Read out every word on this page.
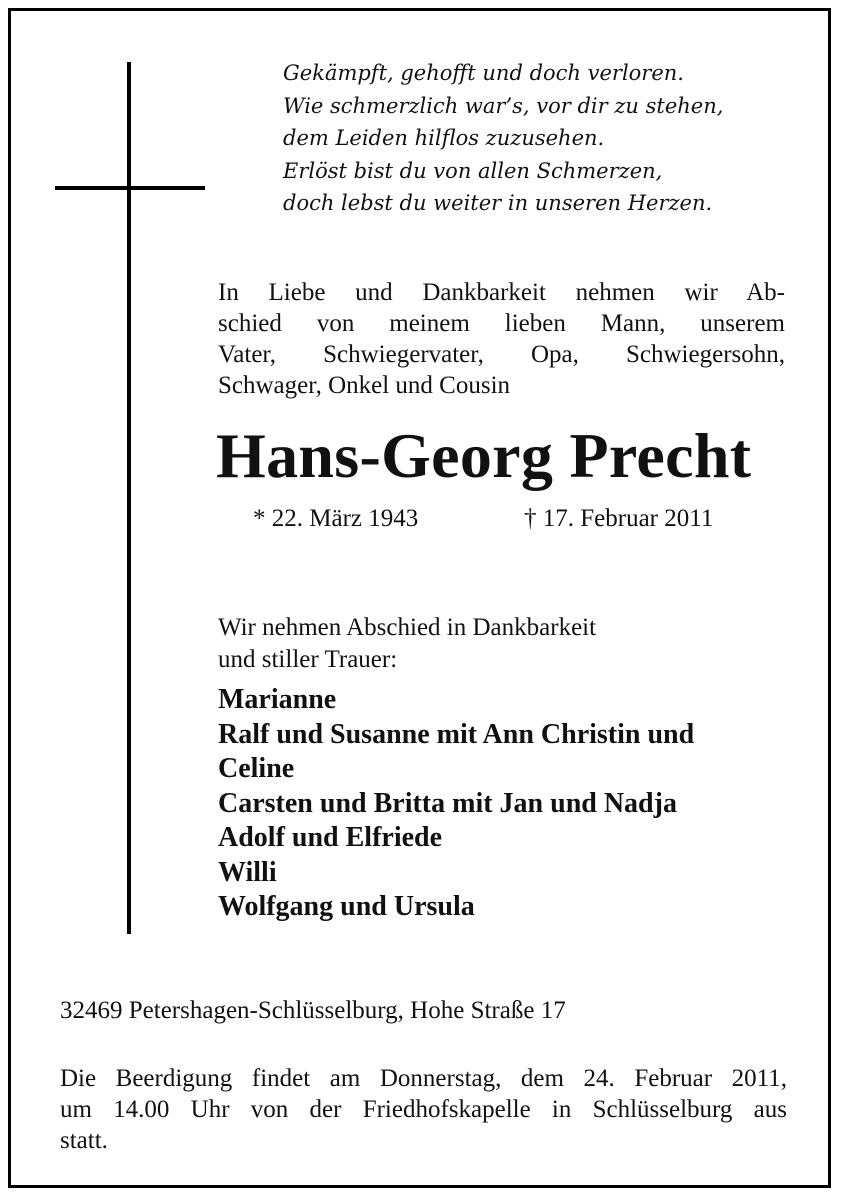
Gekämpft, gehofft und doch verloren.
Wie schmerzlich war’s, vor dir zu stehen,
dem Leiden hilflos zuzusehen.
Erlöst bist du von allen Schmerzen,
doch lebst du weiter in unseren Herzen.
In Liebe und Dankbarkeit nehmen wir Ab-
schied von meinem lieben Mann, unserem
Vater, Schwiegervater, Opa, Schwiegersohn,
Schwager, Onkel und Cousin
Hans-Georg Precht
* 22. März 1943	† 17. Februar 2011
Wir nehmen Abschied in Dankbarkeit
und stiller Trauer:
Marianne
Ralf und Susanne mit Ann Christin und
Celine
Carsten und Britta mit Jan und Nadja
Adolf und Elfriede
Willi
Wolfgang und Ursula
32469 Petershagen-Schlüsselburg, Hohe Straße 17
Die Beerdigung findet am Donnerstag, dem 24. Februar 2011,
um 14.00 Uhr von der Friedhofskapelle in Schlüsselburg aus
statt.
